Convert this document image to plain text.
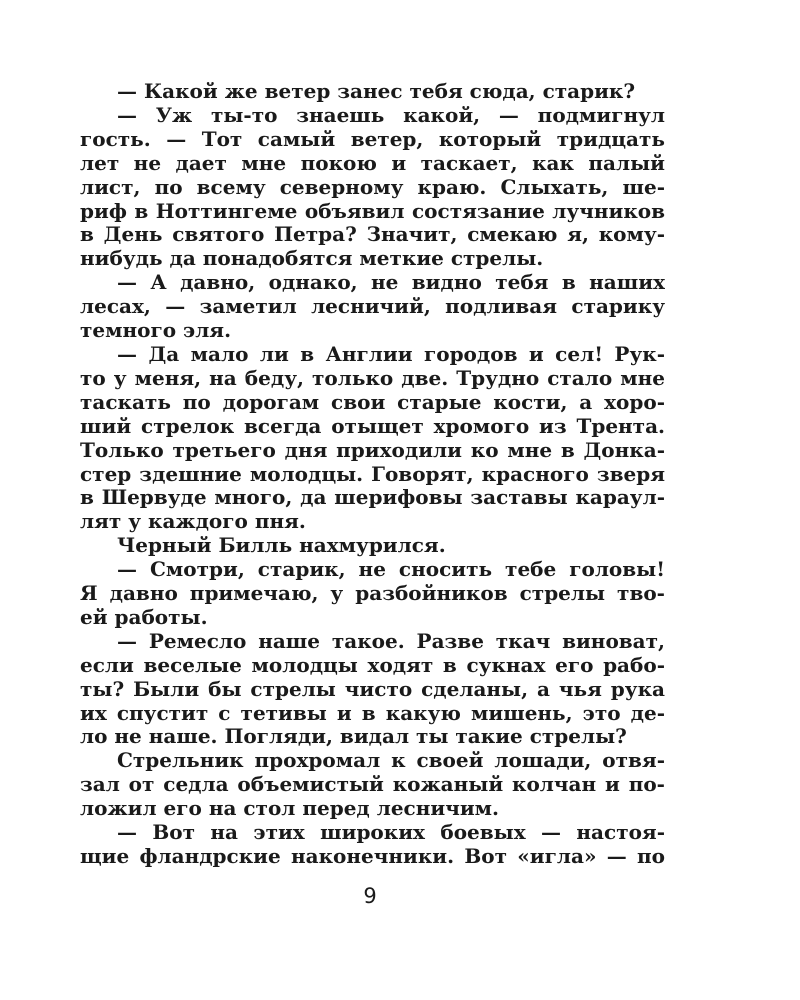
— Какой же ветер занес тебя сюда, старик?
— Уж ты-то знаешь какой, — подмигнул
гость. — Тот самый ветер, который тридцать
лет не дает мне покою и таскает, как палый
лист, по всему северному краю. Слыхать, ше-
риф в Ноттингеме объявил состязание лучников
в День святого Петра? Значит, смекаю я, кому-
нибудь да понадобятся меткие стрелы.
— А давно, однако, не видно тебя в наших
лесах, — заметил лесничий, подливая старику
темного эля.
— Да мало ли в Англии городов и сел! Рук-
то у меня, на беду, только две. Трудно стало мне
таскать по дорогам свои старые кости, а хоро-
ший стрелок всегда отыщет хромого из Трента.
Только третьего дня приходили ко мне в Донка-
стер здешние молодцы. Говорят, красного зверя
в Шервуде много, да шерифовы заставы караул-
лят у каждого пня.
Черный Билль нахмурился.
— Смотри, старик, не сносить тебе головы!
Я давно примечаю, у разбойников стрелы тво-
ей работы.
— Ремесло наше такое. Разве ткач виноват,
если веселые молодцы ходят в сукнах его рабо-
ты? Были бы стрелы чисто сделаны, а чья рука
их спустит с тетивы и в какую мишень, это де-
ло не наше. Погляди, видал ты такие стрелы?
Стрельник прохромал к своей лошади, отвя-
зал от седла объемистый кожаный колчан и по-
ложил его на стол перед лесничим.
— Вот на этих широких боевых — настоя-
щие фландрские наконечники. Вот «игла» — по
9
